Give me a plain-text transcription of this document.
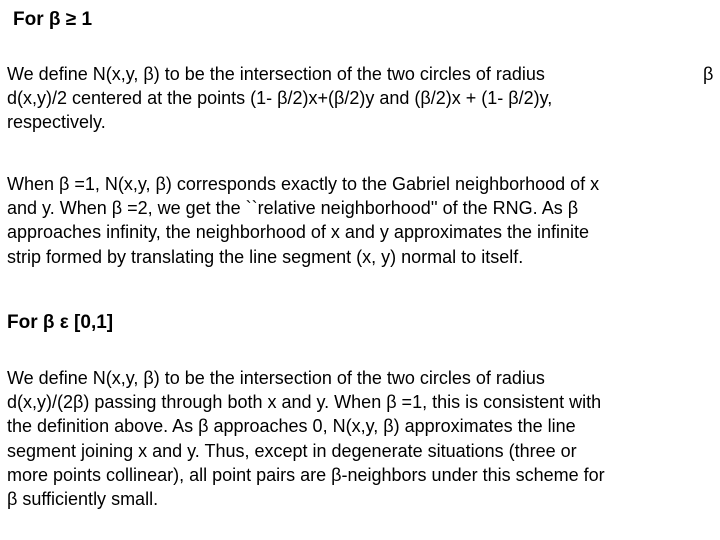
For β ≥ 1
We define N(x,y, β) to be the intersection of the two circles of radius
d(x,y)/2 centered at the points (1- β/2)x+(β/2)y and (β/2)x + (1- β/2)y,
respectively.
β
When β =1, N(x,y, β) corresponds exactly to the Gabriel neighborhood of x
and y. When β =2, we get the ``relative neighborhood'' of the RNG. As β
approaches infinity, the neighborhood of x and y approximates the infinite
strip formed by translating the line segment (x, y) normal to itself.
For β ε [0,1]
We define N(x,y, β) to be the intersection of the two circles of radius
d(x,y)/(2β) passing through both x and y. When β =1, this is consistent with
the definition above. As β approaches 0, N(x,y, β) approximates the line
segment joining x and y. Thus, except in degenerate situations (three or
more points collinear), all point pairs are β-neighbors under this scheme for
β sufficiently small.
